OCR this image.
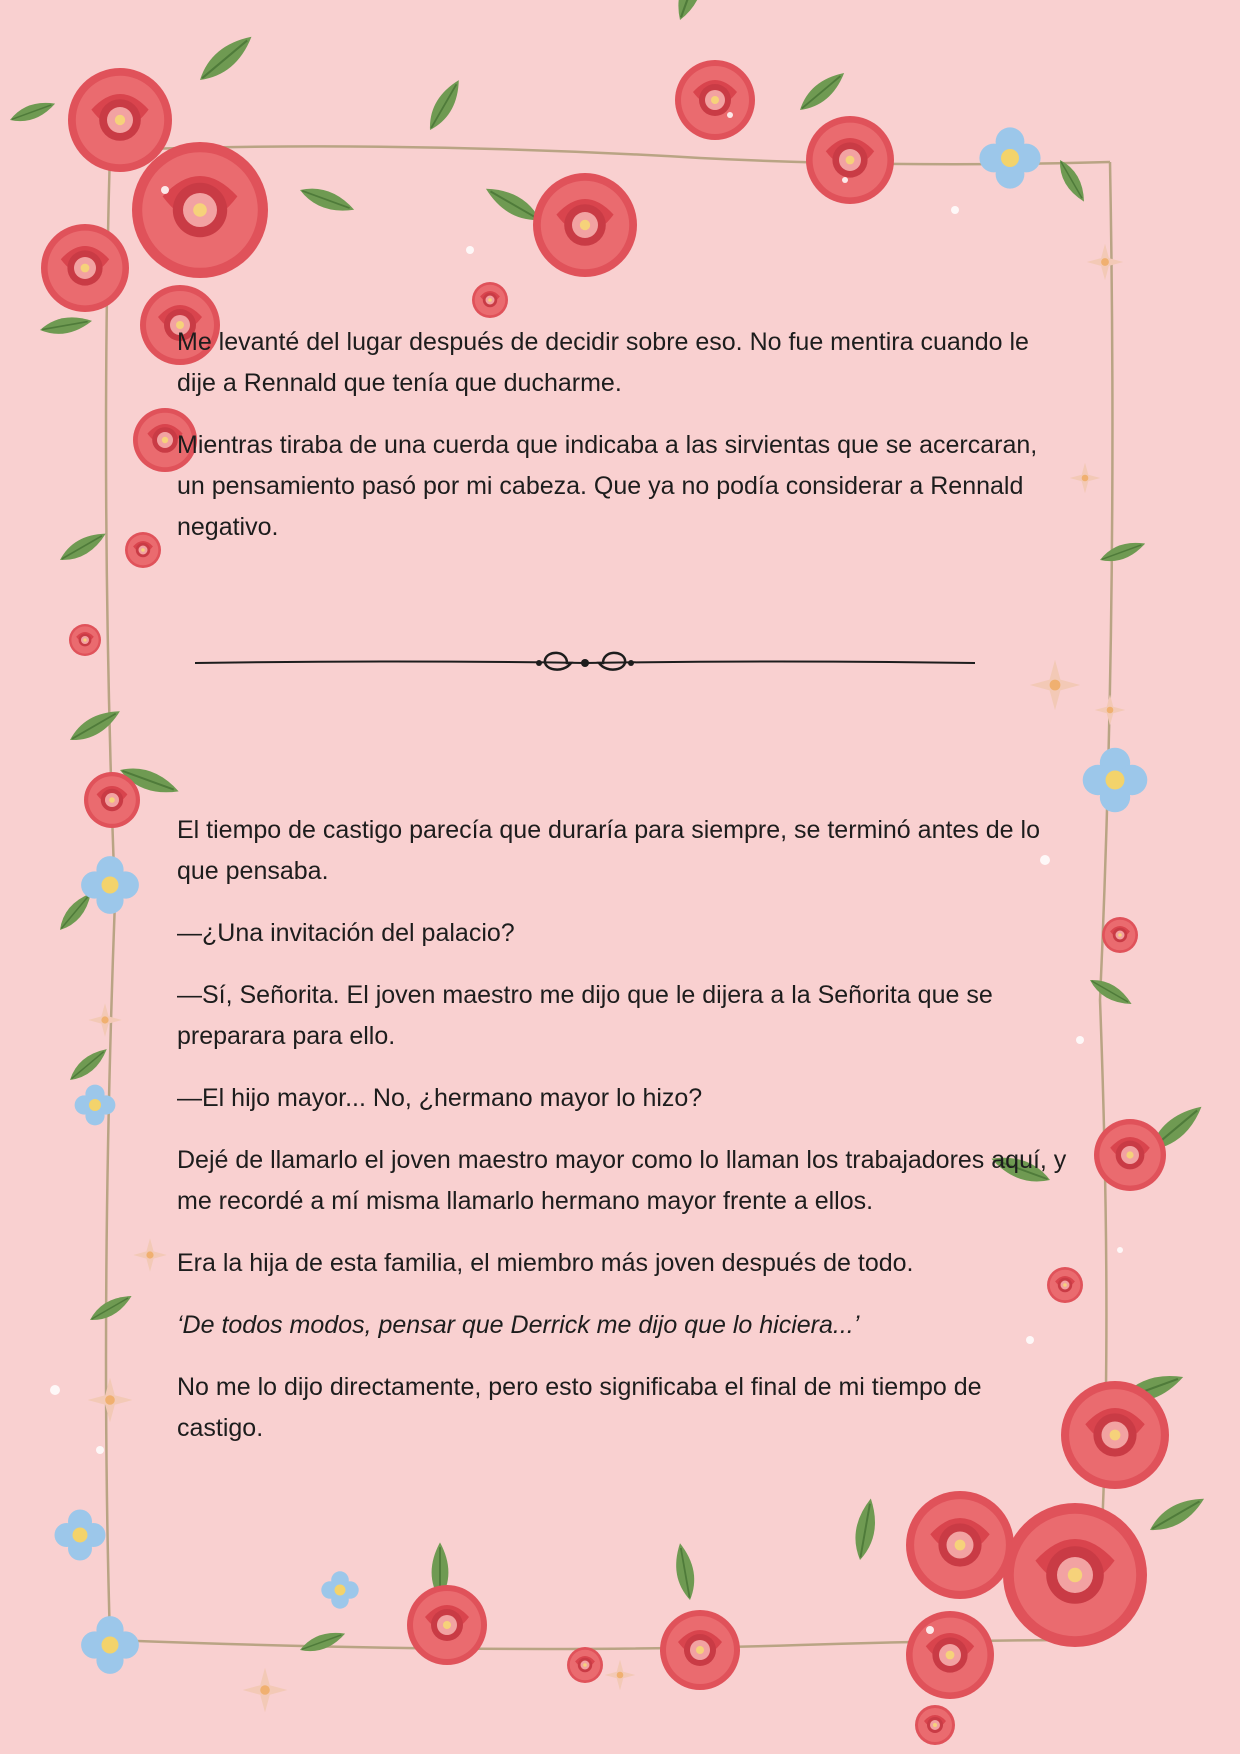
Me levanté del lugar después de decidir sobre eso. No fue mentira cuando le dije a Rennald que tenía que ducharme.

Mientras tiraba de una cuerda que indicaba a las sirvientas que se acercaran, un pensamiento pasó por mi cabeza. Que ya no podía considerar a Rennald negativo.

El tiempo de castigo parecía que duraría para siempre, se terminó antes de lo que pensaba.

—¿Una invitación del palacio?

—Sí, Señorita. El joven maestro me dijo que le dijera a la Señorita que se preparara para ello.

—El hijo mayor... No, ¿hermano mayor lo hizo?

Dejé de llamarlo el joven maestro mayor como lo llaman los trabajadores aquí, y me recordé a mí misma llamarlo hermano mayor frente a ellos.

Era la hija de esta familia, el miembro más joven después de todo.

‘De todos modos, pensar que Derrick me dijo que lo hiciera...’

No me lo dijo directamente, pero esto significaba el final de mi tiempo de castigo.
